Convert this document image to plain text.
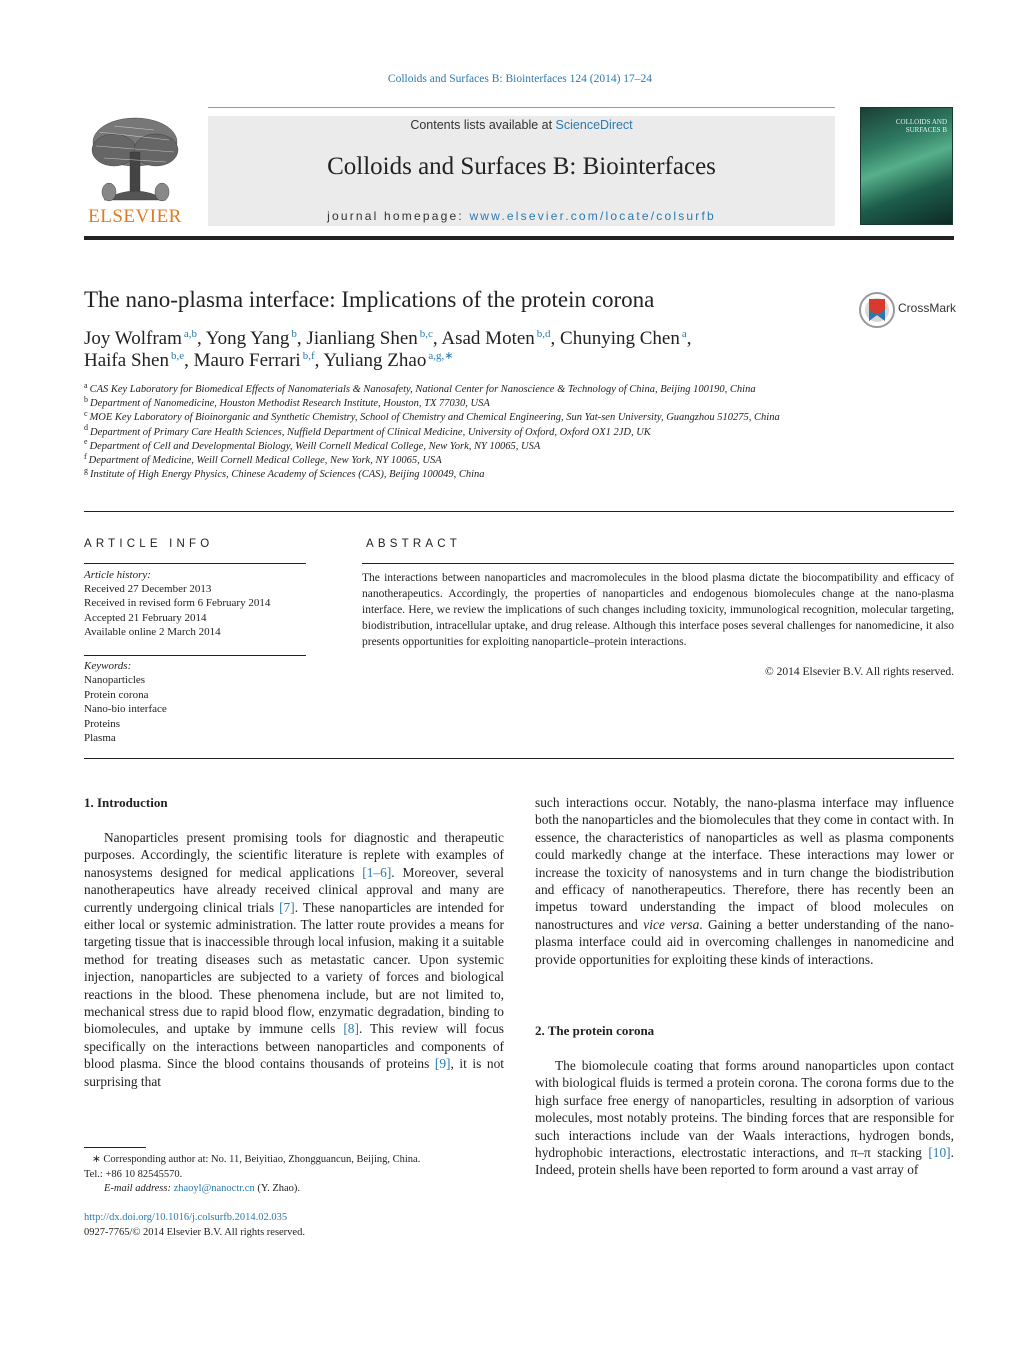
Colloids and Surfaces B: Biointerfaces 124 (2014) 17–24
ELSEVIER
Contents lists available at ScienceDirect
Colloids and Surfaces B: Biointerfaces
journal homepage: www.elsevier.com/locate/colsurfb
COLLOIDS AND SURFACES B
The nano-plasma interface: Implications of the protein corona	CrossMark
Joy Wolfram $^{a,b}$, Yong Yang $^b$, Jianliang Shen $^{b,c}$, Asad Moten $^{b,d}$, Chunying Chen $^a$,
Haifa Shen $^{b,e}$, Mauro Ferrari $^{b,f}$, Yuliang Zhao $^{a,g,∗}$
$^a$ CAS Key Laboratory for Biomedical Effects of Nanomaterials & Nanosafety, National Center for Nanoscience & Technology of China, Beijing 100190, China
$^b$ Department of Nanomedicine, Houston Methodist Research Institute, Houston, TX 77030, USA
$^c$ MOE Key Laboratory of Bioinorganic and Synthetic Chemistry, School of Chemistry and Chemical Engineering, Sun Yat-sen University, Guangzhou 510275, China
$^d$ Department of Primary Care Health Sciences, Nuffield Department of Clinical Medicine, University of Oxford, Oxford OX1 2JD, UK
$^e$ Department of Cell and Developmental Biology, Weill Cornell Medical College, New York, NY 10065, USA
$^f$ Department of Medicine, Weill Cornell Medical College, New York, NY 10065, USA
$^g$ Institute of High Energy Physics, Chinese Academy of Sciences (CAS), Beijing 100049, China
ARTICLE INFO
Article history:
Received 27 December 2013
Received in revised form 6 February 2014
Accepted 21 February 2014
Available online 2 March 2014
Keywords:
Nanoparticles
Protein corona
Nano-bio interface
Proteins
Plasma
ABSTRACT
The interactions between nanoparticles and macromolecules in the blood plasma dictate the biocompatibility and efficacy of nanotherapeutics. Accordingly, the properties of nanoparticles and endogenous biomolecules change at the nano-plasma interface. Here, we review the implications of such changes including toxicity, immunological recognition, molecular targeting, biodistribution, intracellular uptake, and drug release. Although this interface poses several challenges for nanomedicine, it also presents opportunities for exploiting nanoparticle–protein interactions.
© 2014 Elsevier B.V. All rights reserved.
1. Introduction

Nanoparticles present promising tools for diagnostic and therapeutic purposes. Accordingly, the scientific literature is replete with examples of nanosystems designed for medical applications [1–6]. Moreover, several nanotherapeutics have already received clinical approval and many are currently undergoing clinical trials [7]. These nanoparticles are intended for either local or systemic administration. The latter route provides a means for targeting tissue that is inaccessible through local infusion, making it a suitable method for treating diseases such as metastatic cancer. Upon systemic injection, nanoparticles are subjected to a variety of forces and biological reactions in the blood. These phenomena include, but are not limited to, mechanical stress due to rapid blood flow, enzymatic degradation, binding to biomolecules, and uptake by immune cells [8]. This review will focus specifically on the interactions between nanoparticles and components of blood plasma. Since the blood contains thousands of proteins [9], it is not surprising that

such interactions occur. Notably, the nano-plasma interface may influence both the nanoparticles and the biomolecules that they come in contact with. In essence, the characteristics of nanoparticles as well as plasma components could markedly change at the interface. These interactions may lower or increase the toxicity of nanosystems and in turn change the biodistribution and efficacy of nanotherapeutics. Therefore, there has recently been an impetus toward understanding the impact of blood molecules on nanostructures and vice versa. Gaining a better understanding of the nano-plasma interface could aid in overcoming challenges in nanomedicine and provide opportunities for exploiting these kinds of interactions.

2. The protein corona

The biomolecule coating that forms around nanoparticles upon contact with biological fluids is termed a protein corona. The corona forms due to the high surface free energy of nanoparticles, resulting in adsorption of various molecules, most notably proteins. The binding forces that are responsible for such interactions include van der Waals interactions, hydrogen bonds, hydrophobic interactions, electrostatic interactions, and π–π stacking [10]. Indeed, protein shells have been reported to form around a vast array of

∗ Corresponding author at: No. 11, Beiyitiao, Zhongguancun, Beijing, China.
Tel.: +86 10 82545570.
E-mail address: zhaoyl@nanoctr.cn (Y. Zhao).
http://dx.doi.org/10.1016/j.colsurfb.2014.02.035
0927-7765/© 2014 Elsevier B.V. All rights reserved.
